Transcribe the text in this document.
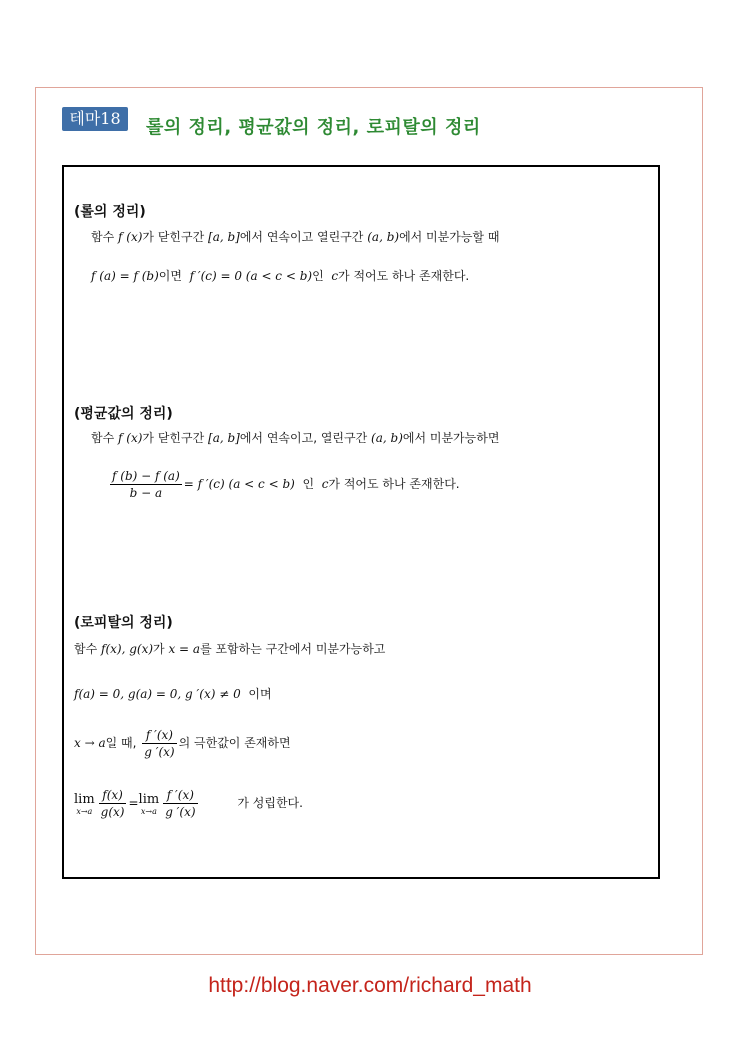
테마18	롤의 정리, 평균값의 정리, 로피탈의 정리
(롤의 정리)
함수 f (x)가 닫힌구간 [a, b]에서 연속이고 열린구간 (a, b)에서 미분가능할 때
f (a) = f (b)이면 f ′(c) = 0 (a < c < b)인 c가 적어도 하나 존재한다.
(평균값의 정리)
함수 f (x)가 닫힌구간 [a, b]에서 연속이고, 열린구간 (a, b)에서 미분가능하면
$\frac{f (b) - f (a)}{b - a} = f$ ′(c) (a < c < b) 인 c가 적어도 하나 존재한다.
(로피탈의 정리)
함수 f(x), g(x)가 x = a를 포함하는 구간에서 미분가능하고
f(a) = 0, g(a) = 0, g ′(x) ≠ 0 이며
x → a일 때, $\frac{f '(x)}{g '(x)}$ 의 극한값이 존재하면
lim
$x\to a \frac{f(x)}{g(x)} = \lim$
$x\to a \frac{f '(x)}{g '(x)}$	가 성립한다.
http://blog.naver.com/richard_math
